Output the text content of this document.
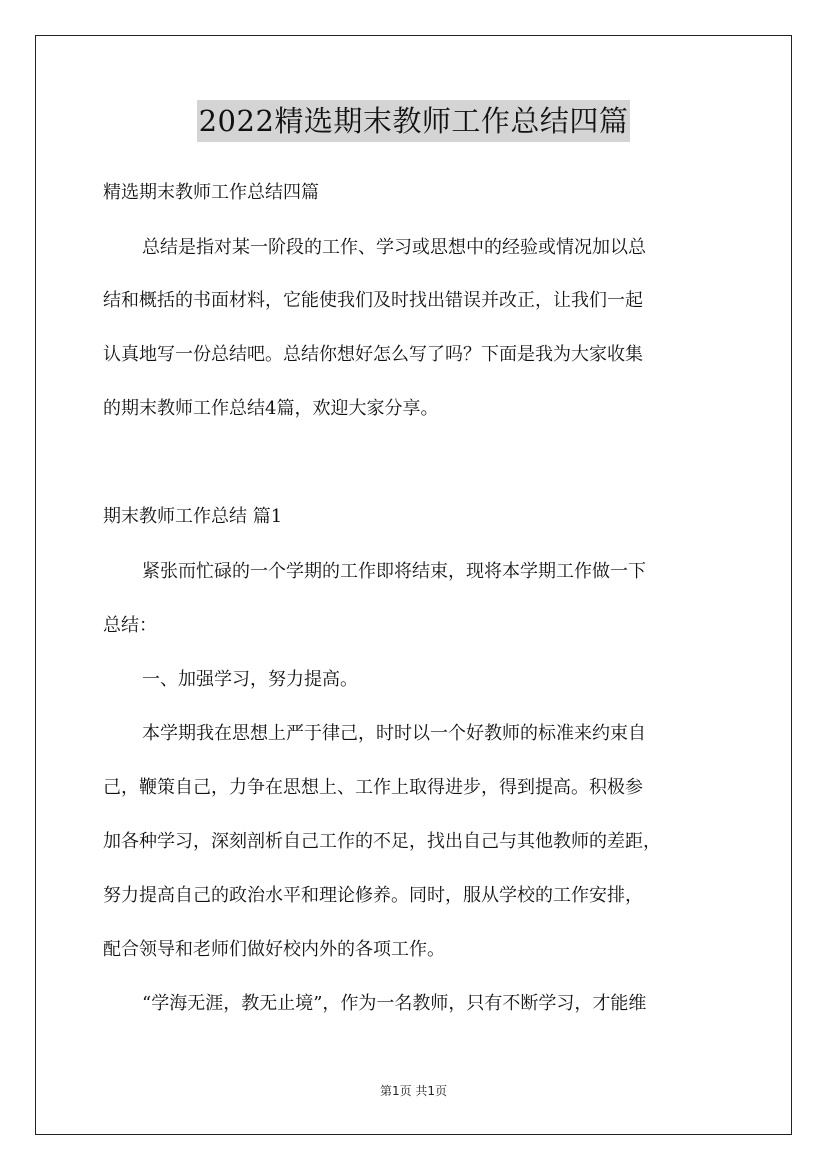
2022精选期末教师工作总结四篇
精选期末教师工作总结四篇
总结是指对某一阶段的工作、学习或思想中的经验或情况加以总
结和概括的书面材料，它能使我们及时找出错误并改正，让我们一起
认真地写一份总结吧。总结你想好怎么写了吗？下面是我为大家收集
的期末教师工作总结4篇，欢迎大家分享。
期末教师工作总结 篇1
紧张而忙碌的一个学期的工作即将结束，现将本学期工作做一下
总结：
一、加强学习，努力提高。
本学期我在思想上严于律己，时时以一个好教师的标准来约束自
己，鞭策自己，力争在思想上、工作上取得进步，得到提高。积极参
加各种学习，深刻剖析自己工作的不足，找出自己与其他教师的差距，
努力提高自己的政治水平和理论修养。同时，服从学校的工作安排，
配合领导和老师们做好校内外的各项工作。
“学海无涯，教无止境”，作为一名教师，只有不断学习，才能维
第1页 共1页
